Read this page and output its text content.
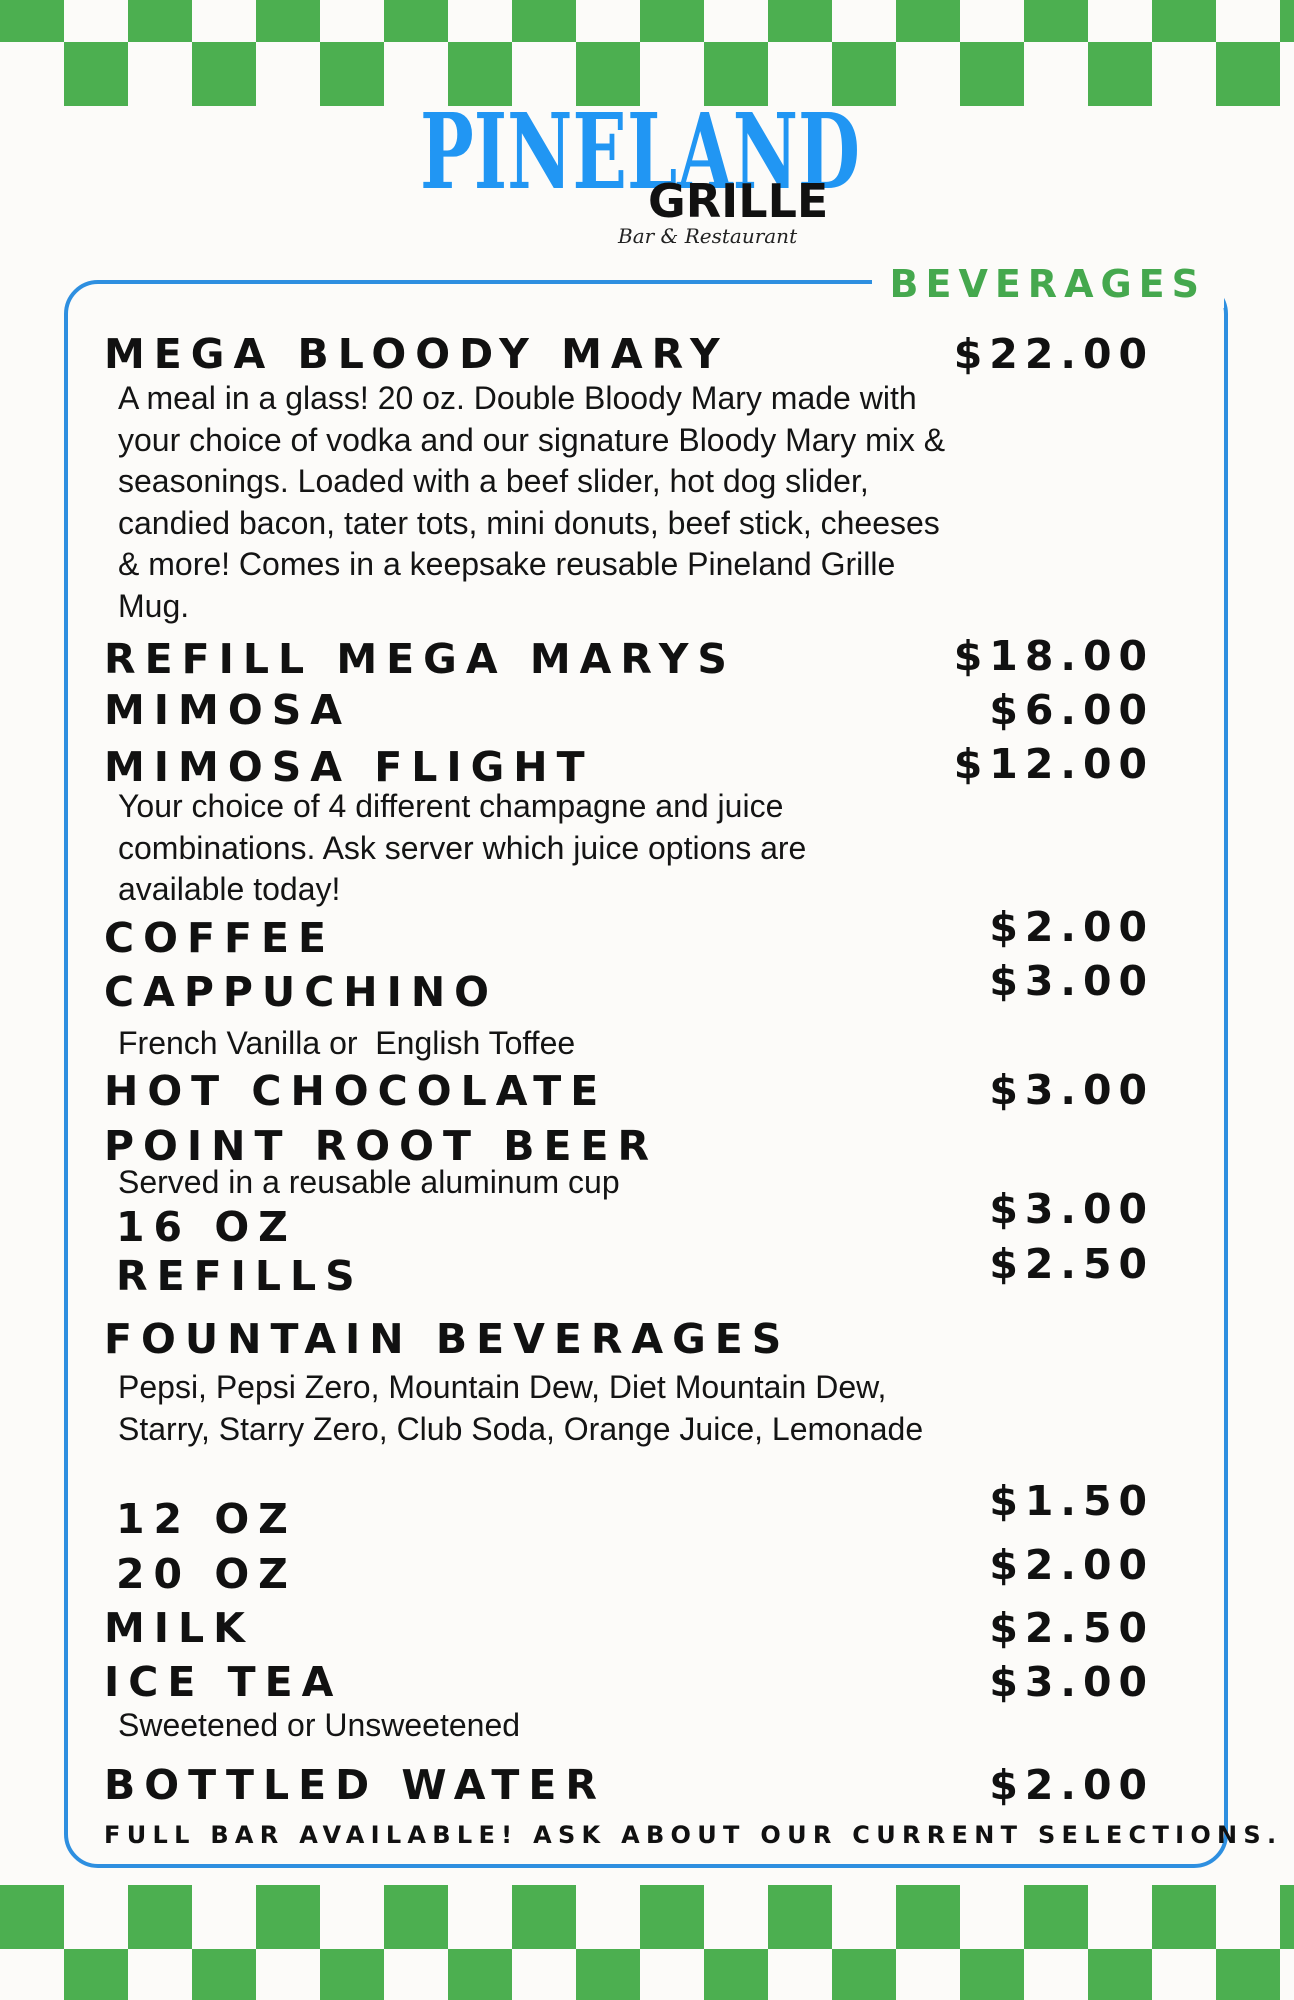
PINELAND
GRILLE
Bar & Restaurant
BEVERAGES
MEGA BLOODY MARY	$22.00
A meal in a glass! 20 oz. Double Bloody Mary made with your choice of vodka and our signature Bloody Mary mix & seasonings. Loaded with a beef slider, hot dog slider, candied bacon, tater tots, mini donuts, beef stick, cheeses & more! Comes in a keepsake reusable Pineland Grille Mug.
REFILL MEGA MARYS	$18.00
MIMOSA	$6.00
MIMOSA FLIGHT	$12.00
Your choice of 4 different champagne and juice combinations. Ask server which juice options are available today!
COFFEE	$2.00
CAPPUCHINO	$3.00
French Vanilla or  English Toffee
HOT CHOCOLATE	$3.00
POINT ROOT BEER
Served in a reusable aluminum cup
16 OZ	$3.00
REFILLS	$2.50
FOUNTAIN BEVERAGES
Pepsi, Pepsi Zero, Mountain Dew, Diet Mountain Dew, Starry, Starry Zero, Club Soda, Orange Juice, Lemonade
12 OZ	$1.50
20 OZ	$2.00
MILK	$2.50
ICE TEA	$3.00
Sweetened or Unsweetened
BOTTLED WATER	$2.00
FULL BAR AVAILABLE! ASK ABOUT OUR CURRENT SELECTIONS.
